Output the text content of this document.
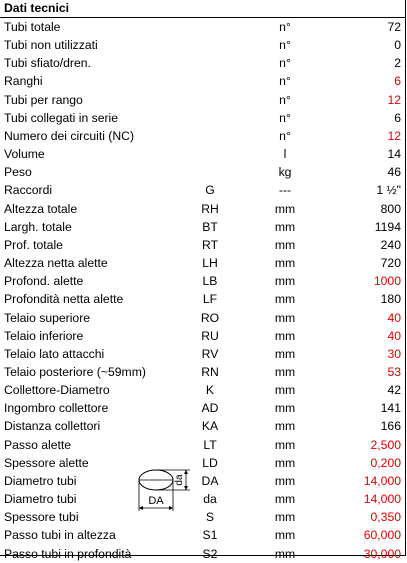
Dati tecnici
Tubi totale	n°	72
Tubi non utilizzati	n°	0
Tubi sfiato/dren.	n°	2
Ranghi	n°	6
Tubi per rango	n°	12
Tubi collegati in serie	n°	6
Numero dei circuiti (NC)	n°	12
Volume	l	14
Peso	kg	46
Raccordi	G	---	1 ½"
Altezza totale	RH	mm	800
Largh. totale	BT	mm	1194
Prof. totale	RT	mm	240
Altezza netta alette	LH	mm	720
Profond. alette	LB	mm	1000
Profondità netta alette	LF	mm	180
Telaio superiore	RO	mm	40
Telaio inferiore	RU	mm	40
Telaio lato attacchi	RV	mm	30
Telaio posteriore (~59mm)	RN	mm	53
Collettore-Diametro	K	mm	42
Ingombro collettore	AD	mm	141
Distanza collettori	KA	mm	166
Passo alette	LT	mm	2,500
Spessore alette	LD	mm	0,200
Diametro tubi	DA	mm	14,000
Diametro tubi	da	mm	14,000
Spessore tubi	S	mm	0,350
Passo tubi in altezza	S1	mm	60,000
Passo tubi in profondità	S2	mm	30,000
DA
da
